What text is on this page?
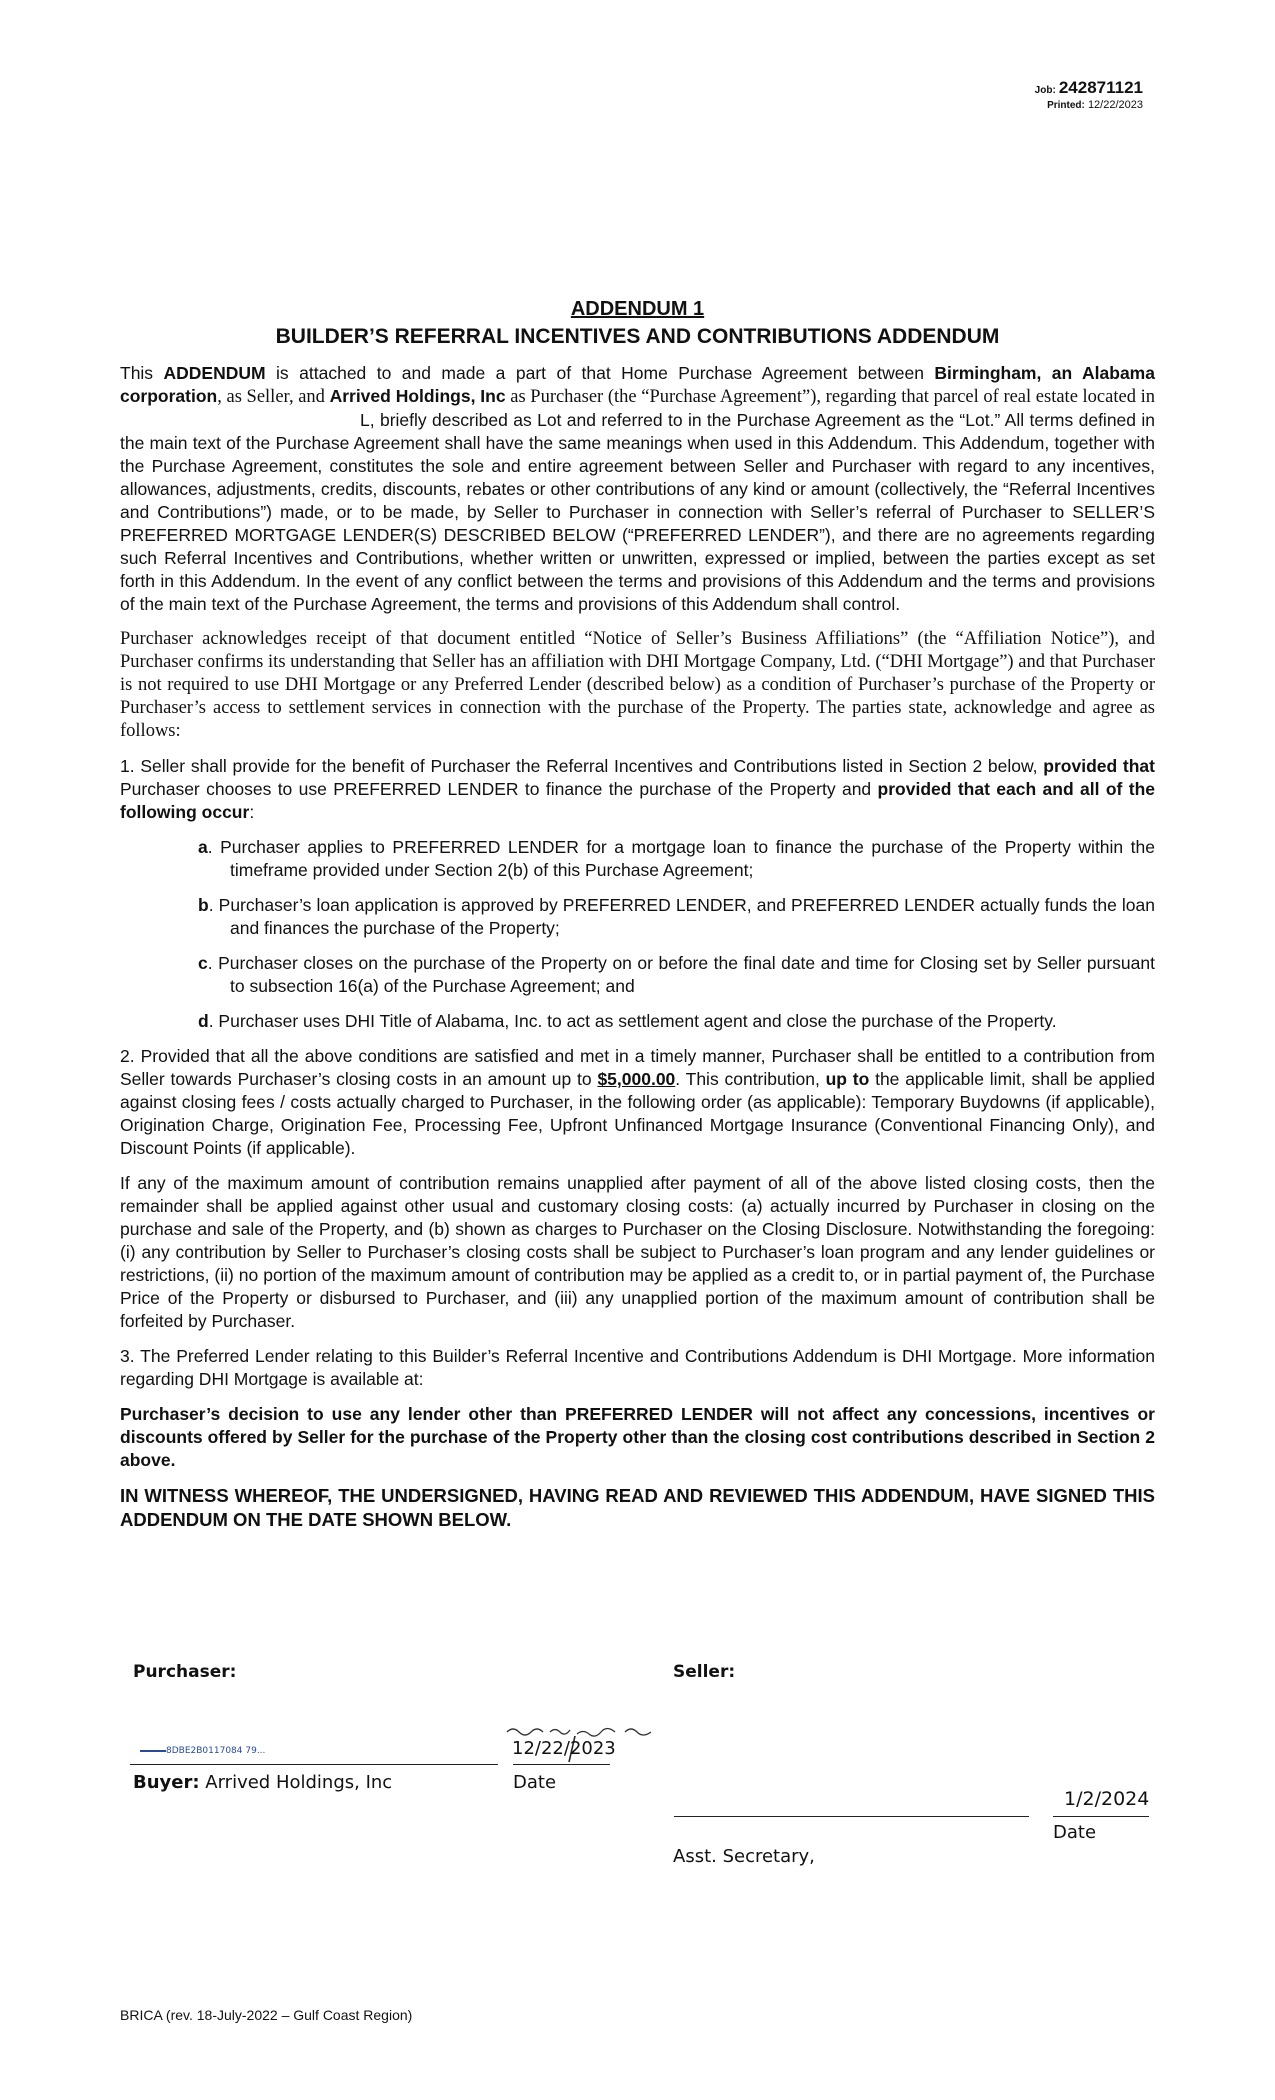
Job: 242871121
Printed: 12/22/2023
ADDENDUM 1
BUILDER’S REFERRAL INCENTIVES AND CONTRIBUTIONS ADDENDUM

This ADDENDUM is attached to and made a part of that Home Purchase Agreement between Birmingham, an Alabama corporation, as Seller, and Arrived Holdings, Inc as Purchaser (the “Purchase Agreement”), regarding that parcel of real estate located in L, briefly described as Lot and referred to in the Purchase Agreement as the “Lot.” All terms defined in the main text of the Purchase Agreement shall have the same meanings when used in this Addendum. This Addendum, together with the Purchase Agreement, constitutes the sole and entire agreement between Seller and Purchaser with regard to any incentives, allowances, adjustments, credits, discounts, rebates or other contributions of any kind or amount (collectively, the “Referral Incentives and Contributions”) made, or to be made, by Seller to Purchaser in connection with Seller’s referral of Purchaser to SELLER’S PREFERRED MORTGAGE LENDER(S) DESCRIBED BELOW (“PREFERRED LENDER”), and there are no agreements regarding such Referral Incentives and Contributions, whether written or unwritten, expressed or implied, between the parties except as set forth in this Addendum. In the event of any conflict between the terms and provisions of this Addendum and the terms and provisions of the main text of the Purchase Agreement, the terms and provisions of this Addendum shall control.

Purchaser acknowledges receipt of that document entitled “Notice of Seller’s Business Affiliations” (the “Affiliation Notice”), and Purchaser confirms its understanding that Seller has an affiliation with DHI Mortgage Company, Ltd. (“DHI Mortgage”) and that Purchaser is not required to use DHI Mortgage or any Preferred Lender (described below) as a condition of Purchaser’s purchase of the Property or Purchaser’s access to settlement services in connection with the purchase of the Property. The parties state, acknowledge and agree as follows:

1. Seller shall provide for the benefit of Purchaser the Referral Incentives and Contributions listed in Section 2 below, provided that Purchaser chooses to use PREFERRED LENDER to finance the purchase of the Property and provided that each and all of the following occur:

a. Purchaser applies to PREFERRED LENDER for a mortgage loan to finance the purchase of the Property within the timeframe provided under Section 2(b) of this Purchase Agreement;
b. Purchaser’s loan application is approved by PREFERRED LENDER, and PREFERRED LENDER actually funds the loan and finances the purchase of the Property;
c. Purchaser closes on the purchase of the Property on or before the final date and time for Closing set by Seller pursuant to subsection 16(a) of the Purchase Agreement; and
d. Purchaser uses DHI Title of Alabama, Inc. to act as settlement agent and close the purchase of the Property.

2. Provided that all the above conditions are satisfied and met in a timely manner, Purchaser shall be entitled to a contribution from Seller towards Purchaser’s closing costs in an amount up to $5,000.00. This contribution, up to the applicable limit, shall be applied against closing fees / costs actually charged to Purchaser, in the following order (as applicable): Temporary Buydowns (if applicable), Origination Charge, Origination Fee, Processing Fee, Upfront Unfinanced Mortgage Insurance (Conventional Financing Only), and Discount Points (if applicable).

If any of the maximum amount of contribution remains unapplied after payment of all of the above listed closing costs, then the remainder shall be applied against other usual and customary closing costs: (a) actually incurred by Purchaser in closing on the purchase and sale of the Property, and (b) shown as charges to Purchaser on the Closing Disclosure. Notwithstanding the foregoing: (i) any contribution by Seller to Purchaser’s closing costs shall be subject to Purchaser’s loan program and any lender guidelines or restrictions, (ii) no portion of the maximum amount of contribution may be applied as a credit to, or in partial payment of, the Purchase Price of the Property or disbursed to Purchaser, and (iii) any unapplied portion of the maximum amount of contribution shall be forfeited by Purchaser.

3. The Preferred Lender relating to this Builder’s Referral Incentive and Contributions Addendum is DHI Mortgage. More information regarding DHI Mortgage is available at:

Purchaser’s decision to use any lender other than PREFERRED LENDER will not affect any concessions, incentives or discounts offered by Seller for the purchase of the Property other than the closing cost contributions described in Section 2 above.

IN WITNESS WHEREOF, THE UNDERSIGNED, HAVING READ AND REVIEWED THIS ADDENDUM, HAVE SIGNED THIS ADDENDUM ON THE DATE SHOWN BELOW.

Purchaser:	Seller:
8DBE2B0117084 79...	12/22/2023
Buyer: Arrived Holdings, Inc	Date
1/2/2024
Date
Asst. Secretary,
BRICA (rev. 18-July-2022 – Gulf Coast Region)
